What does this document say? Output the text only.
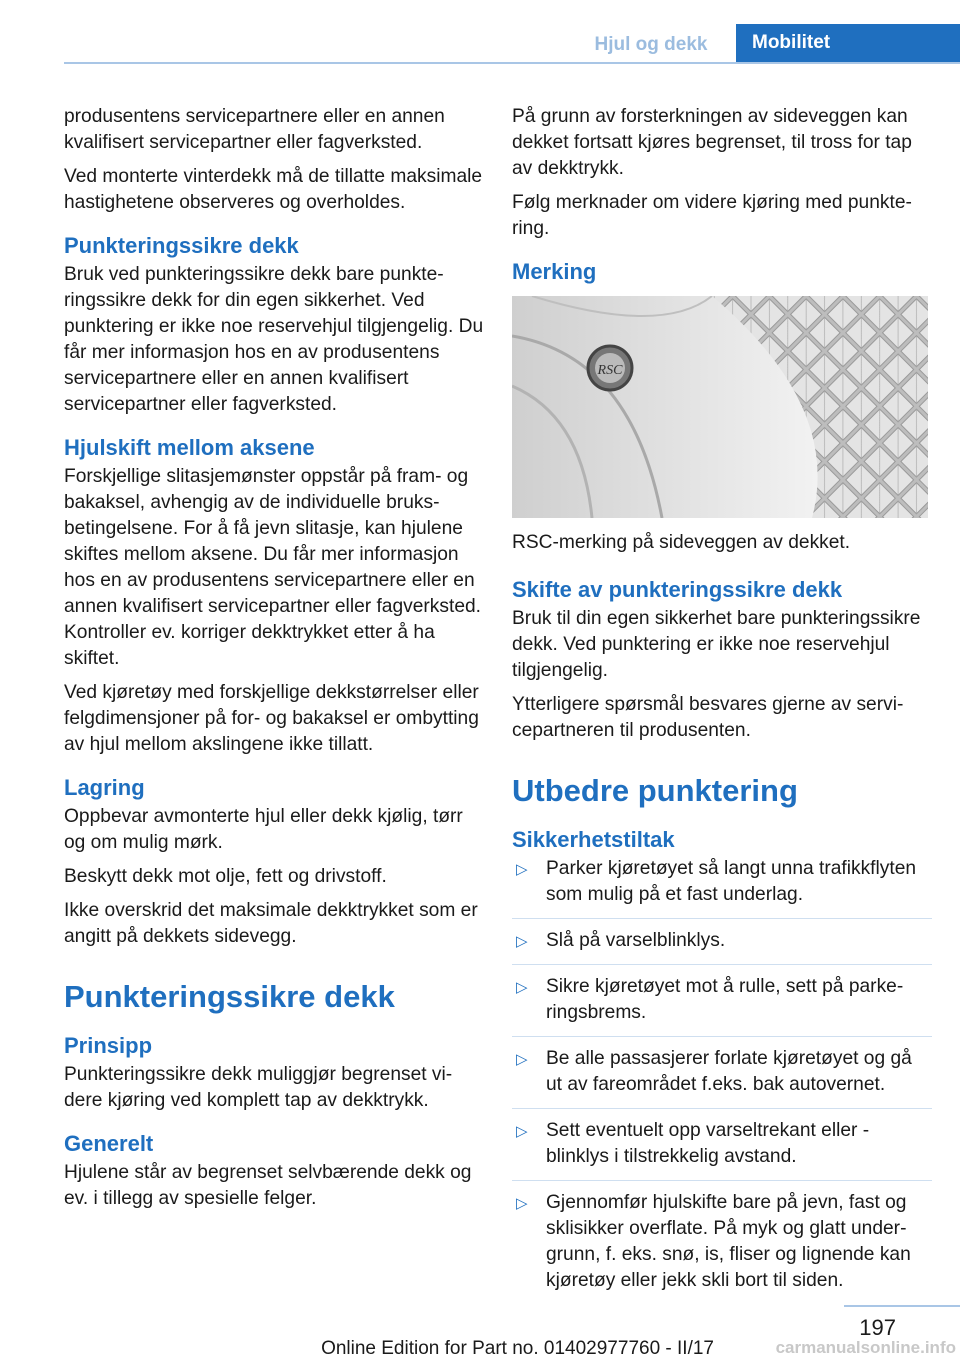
Hjul og dekk	Mobilitet

produsentens servicepartnere eller en annen kvalifisert servicepartner eller fagverksted.

Ved monterte vinterdekk må de tillatte maksimale hastighetene observeres og overholdes.

Punkteringssikre dekk

Bruk ved punkteringssikre dekk bare punkteringssikre dekk for din egen sikkerhet. Ved punktering er ikke noe reservehjul tilgjengelig. Du får mer informasjon hos en av produsentens servicepartnere eller en annen kvalifisert servicepartner eller fagverksted.

Hjulskift mellom aksene

Forskjellige slitasjemønster oppstår på fram- og bakaksel, avhengig av de individuelle bruksbetingelsene. For å få jevn slitasje, kan hjulene skiftes mellom aksene. Du får mer informasjon hos en av produsentens servicepartnere eller en annen kvalifisert servicepartner eller fagverksted. Kontroller ev. korriger dekktrykket etter å ha skiftet.

Ved kjøretøy med forskjellige dekkstørrelser eller felgdimensjoner på for- og bakaksel er ombytting av hjul mellom akslingene ikke tillatt.

Lagring

Oppbevar avmonterte hjul eller dekk kjølig, tørr og om mulig mørk.

Beskytt dekk mot olje, fett og drivstoff.

Ikke overskrid det maksimale dekktrykket som er angitt på dekkets sidevegg.

Punkteringssikre dekk
Prinsipp

Punkteringssikre dekk muliggjør begrenset videre kjøring ved komplett tap av dekktrykk.

Generelt

Hjulene står av begrenset selvbærende dekk og ev. i tillegg av spesielle felger.

På grunn av forsterkningen av sideveggen kan dekket fortsatt kjøres begrenset, til tross for tap av dekktrykk.

Følg merknader om videre kjøring med punktering.

Merking
RSC

RSC-merking på sideveggen av dekket.

Skifte av punkteringssikre dekk

Bruk til din egen sikkerhet bare punkteringssikre dekk. Ved punktering er ikke noe reservehjul tilgjengelig.

Ytterligere spørsmål besvares gjerne av servicepartneren til produsenten.

Utbedre punktering
Sikkerhetstiltak
▷ Parker kjøretøyet så langt unna trafikkflyten som mulig på et fast underlag.
▷ Slå på varselblinklys.
▷ Sikre kjøretøyet mot å rulle, sett på parkeringsbrems.
▷ Be alle passasjerer forlate kjøretøyet og gå ut av fareområdet f.eks. bak autovernet.
▷ Sett eventuelt opp varseltrekant eller -blinklys i tilstrekkelig avstand.
▷ Gjennomfør hjulskifte bare på jevn, fast og sklisikker overflate. På myk og glatt undergrunn, f. eks. snø, is, fliser og lignende kan kjøretøy eller jekk skli bort til siden.
197
Online Edition for Part no. 01402977760 - II/17	carmanualsonline.info
